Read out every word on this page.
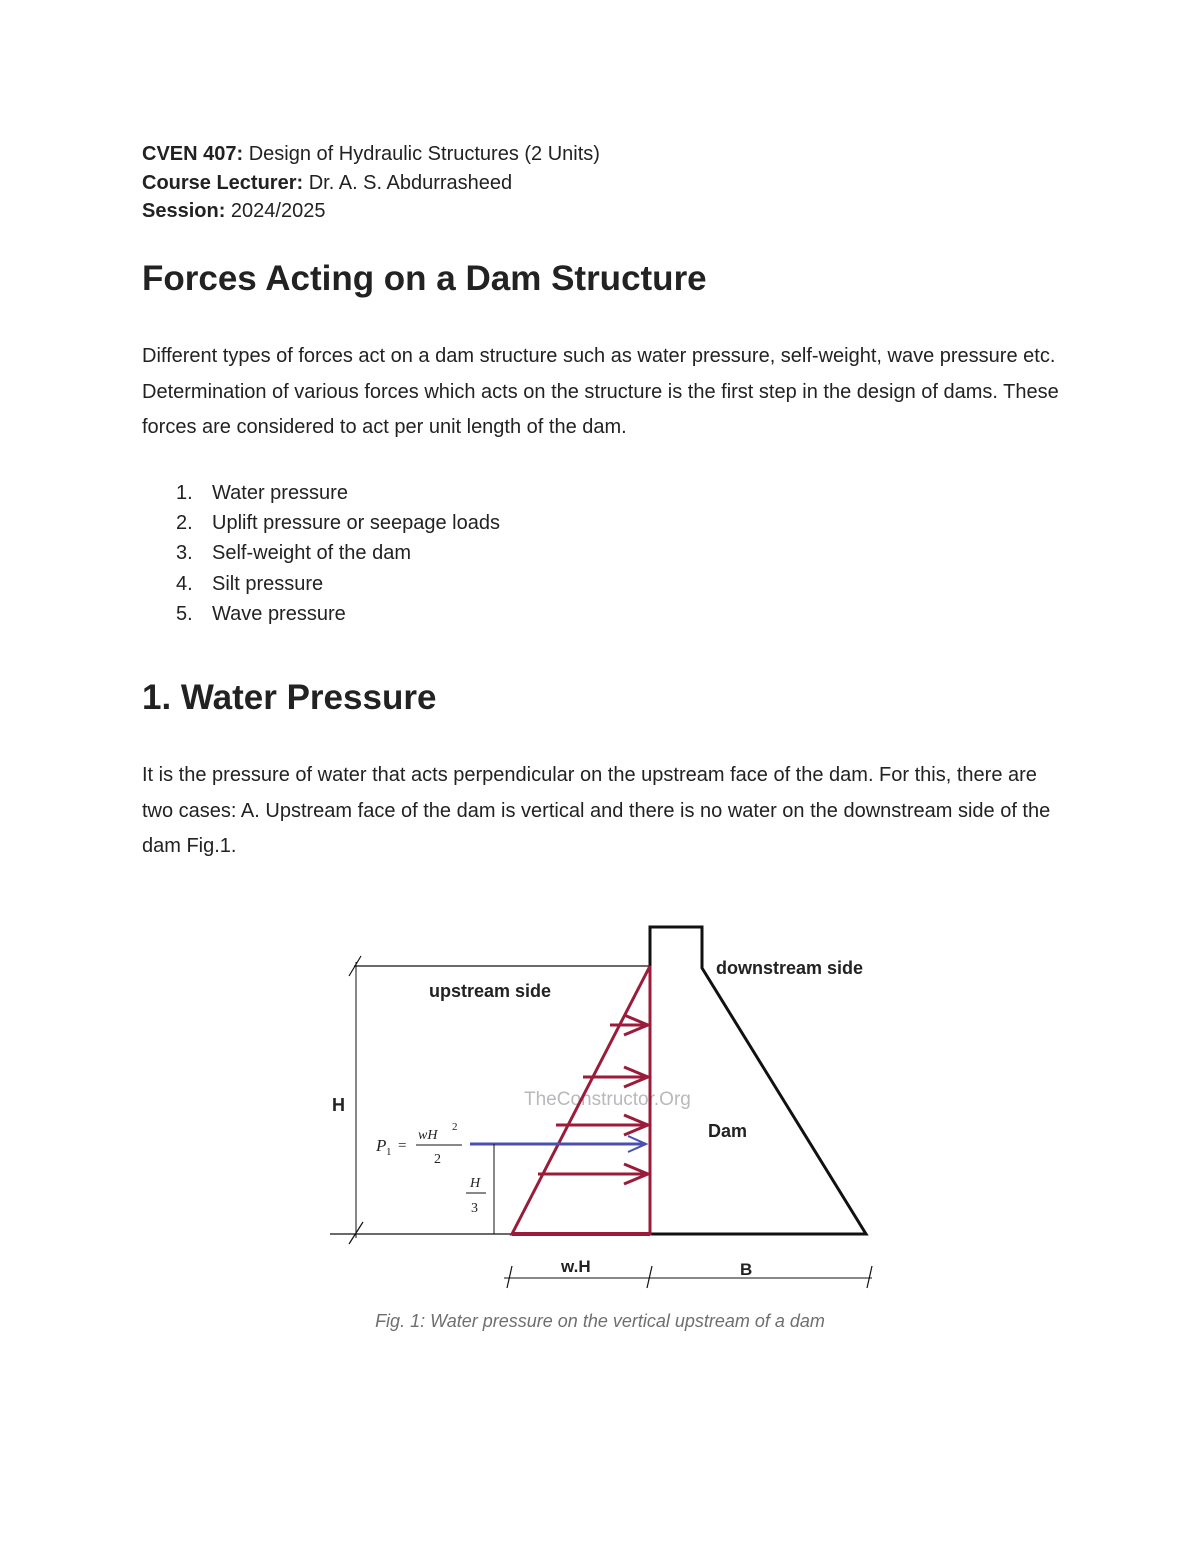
CVEN 407: Design of Hydraulic Structures (2 Units)
Course Lecturer: Dr. A. S. Abdurrasheed
Session: 2024/2025
Forces Acting on a Dam Structure
Different types of forces act on a dam structure such as water pressure, self-weight, wave pressure etc. Determination of various forces which acts on the structure is the first step in the design of dams. These forces are considered to act per unit length of the dam.
1. Water pressure
2. Uplift pressure or seepage loads
3. Self-weight of the dam
4. Silt pressure
5. Wave pressure
1. Water Pressure
It is the pressure of water that acts perpendicular on the upstream face of the dam. For this, there are two cases: A. Upstream face of the dam is vertical and there is no water on the downstream side of the dam Fig.1.
TheConstructor.Org
upstream side
downstream side
Dam
H
P 1 =
wH
2
2
H
3
w.H	B
Fig. 1: Water pressure on the vertical upstream of a dam
